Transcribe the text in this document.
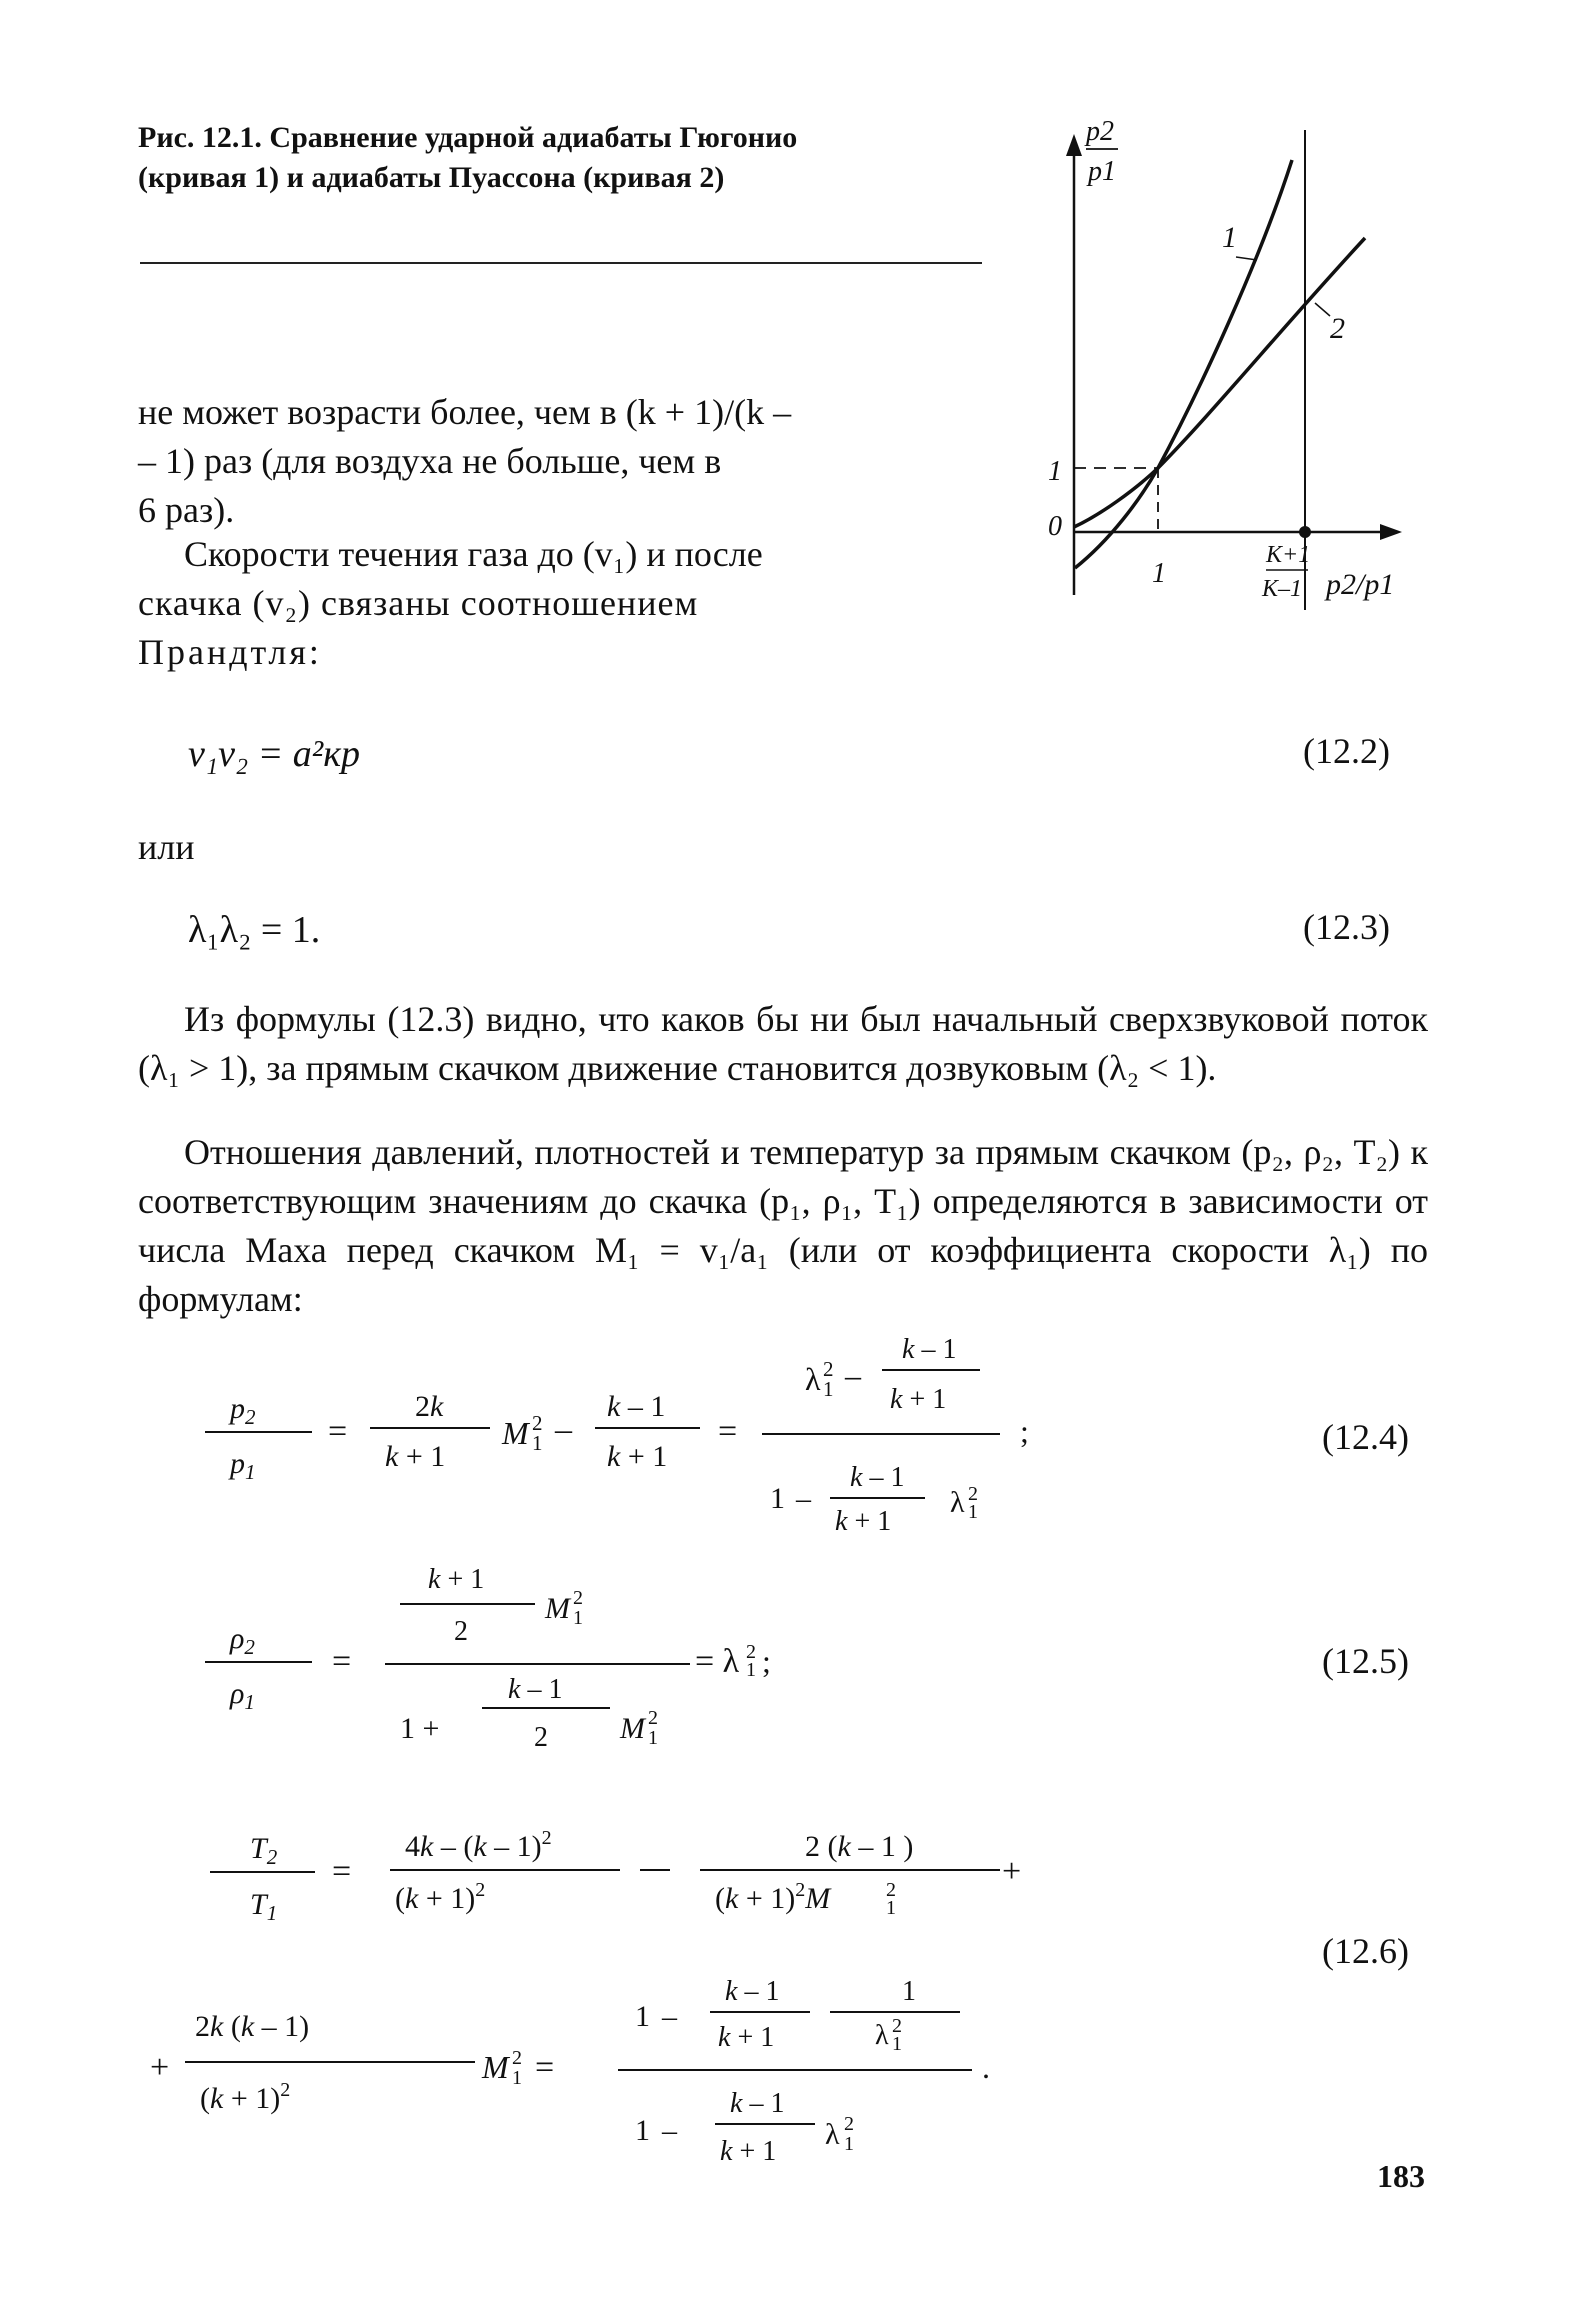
Рис. 12.1. Сравнение ударной адиабаты Гюгонио
(кривая 1) и адиабаты Пуассона (кривая 2)
1
2
p2
p1
1
0
1
K+1
K–1 p2/p1
не может возрасти более, чем в (k + 1)/(k –
– 1) раз (для воздуха не больше, чем в
6 раз).
Скорости течения газа до (v₁) и после
скачка (v₂) связаны соотношением
Прандтля:
v₁v₂ = a²кр	(12.2)
или
λ₁λ₂ = 1.	(12.3)
Из формулы (12.3) видно, что каков бы ни был начальный сверхзвуковой поток (λ₁ > 1), за прямым скачком движение становится дозвуковым (λ₂ < 1).
Отношения давлений, плотностей и температур за прямым скачком (p₂, ρ₂, T₂) к соответствующим значениям до скачка (p₁, ρ₁, T₁) определяются в зависимости от числа Маха перед скачком M₁ = v₁/a₁ (или от коэффициента скорости λ₁) по формулам:
$p_2$
$p_1$
=
2k
k + 1
M 2
1 –
k – 1
k + 1
=
λ 2
1 –
k – 1
k + 1
1 –
k – 1
k + 1
λ 2
1
;	(12.4)
$\rho_2$
$\rho_1$
=
k + 1
2
M 2
1
1 +
k – 1
2 M 2
1
= λ 2
1 ;	(12.5)
$T_2$
$T_1$
=
4k – (k – 1)$^2$
$(k + 1)^2$
2 (k – 1 )
$(k + 1)^2M$	2
1
+
+
2k (k – 1)
$(k + 1)^2$
M 2
1 =
1 –
k – 1
k + 1
1
λ 2
1
.
1 –
k – 1
k + 1
λ 2
1
(12.6)
183
